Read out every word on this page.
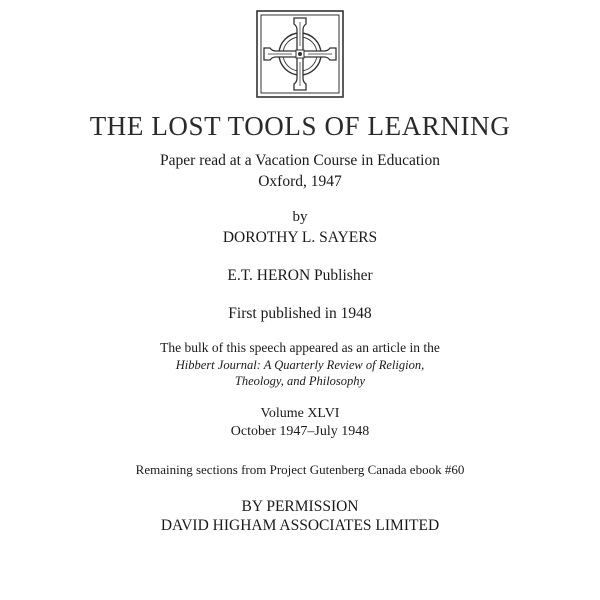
THE LOST TOOLS OF LEARNING
Paper read at a Vacation Course in Education
Oxford, 1947
by
DOROTHY L. SAYERS
E.T. HERON Publisher
First published in 1948
The bulk of this speech appeared as an article in the
Hibbert Journal: A Quarterly Review of Religion,
Theology, and Philosophy
Volume XLVI
October 1947–July 1948
Remaining sections from Project Gutenberg Canada ebook #60
BY PERMISSION
DAVID HIGHAM ASSOCIATES LIMITED
